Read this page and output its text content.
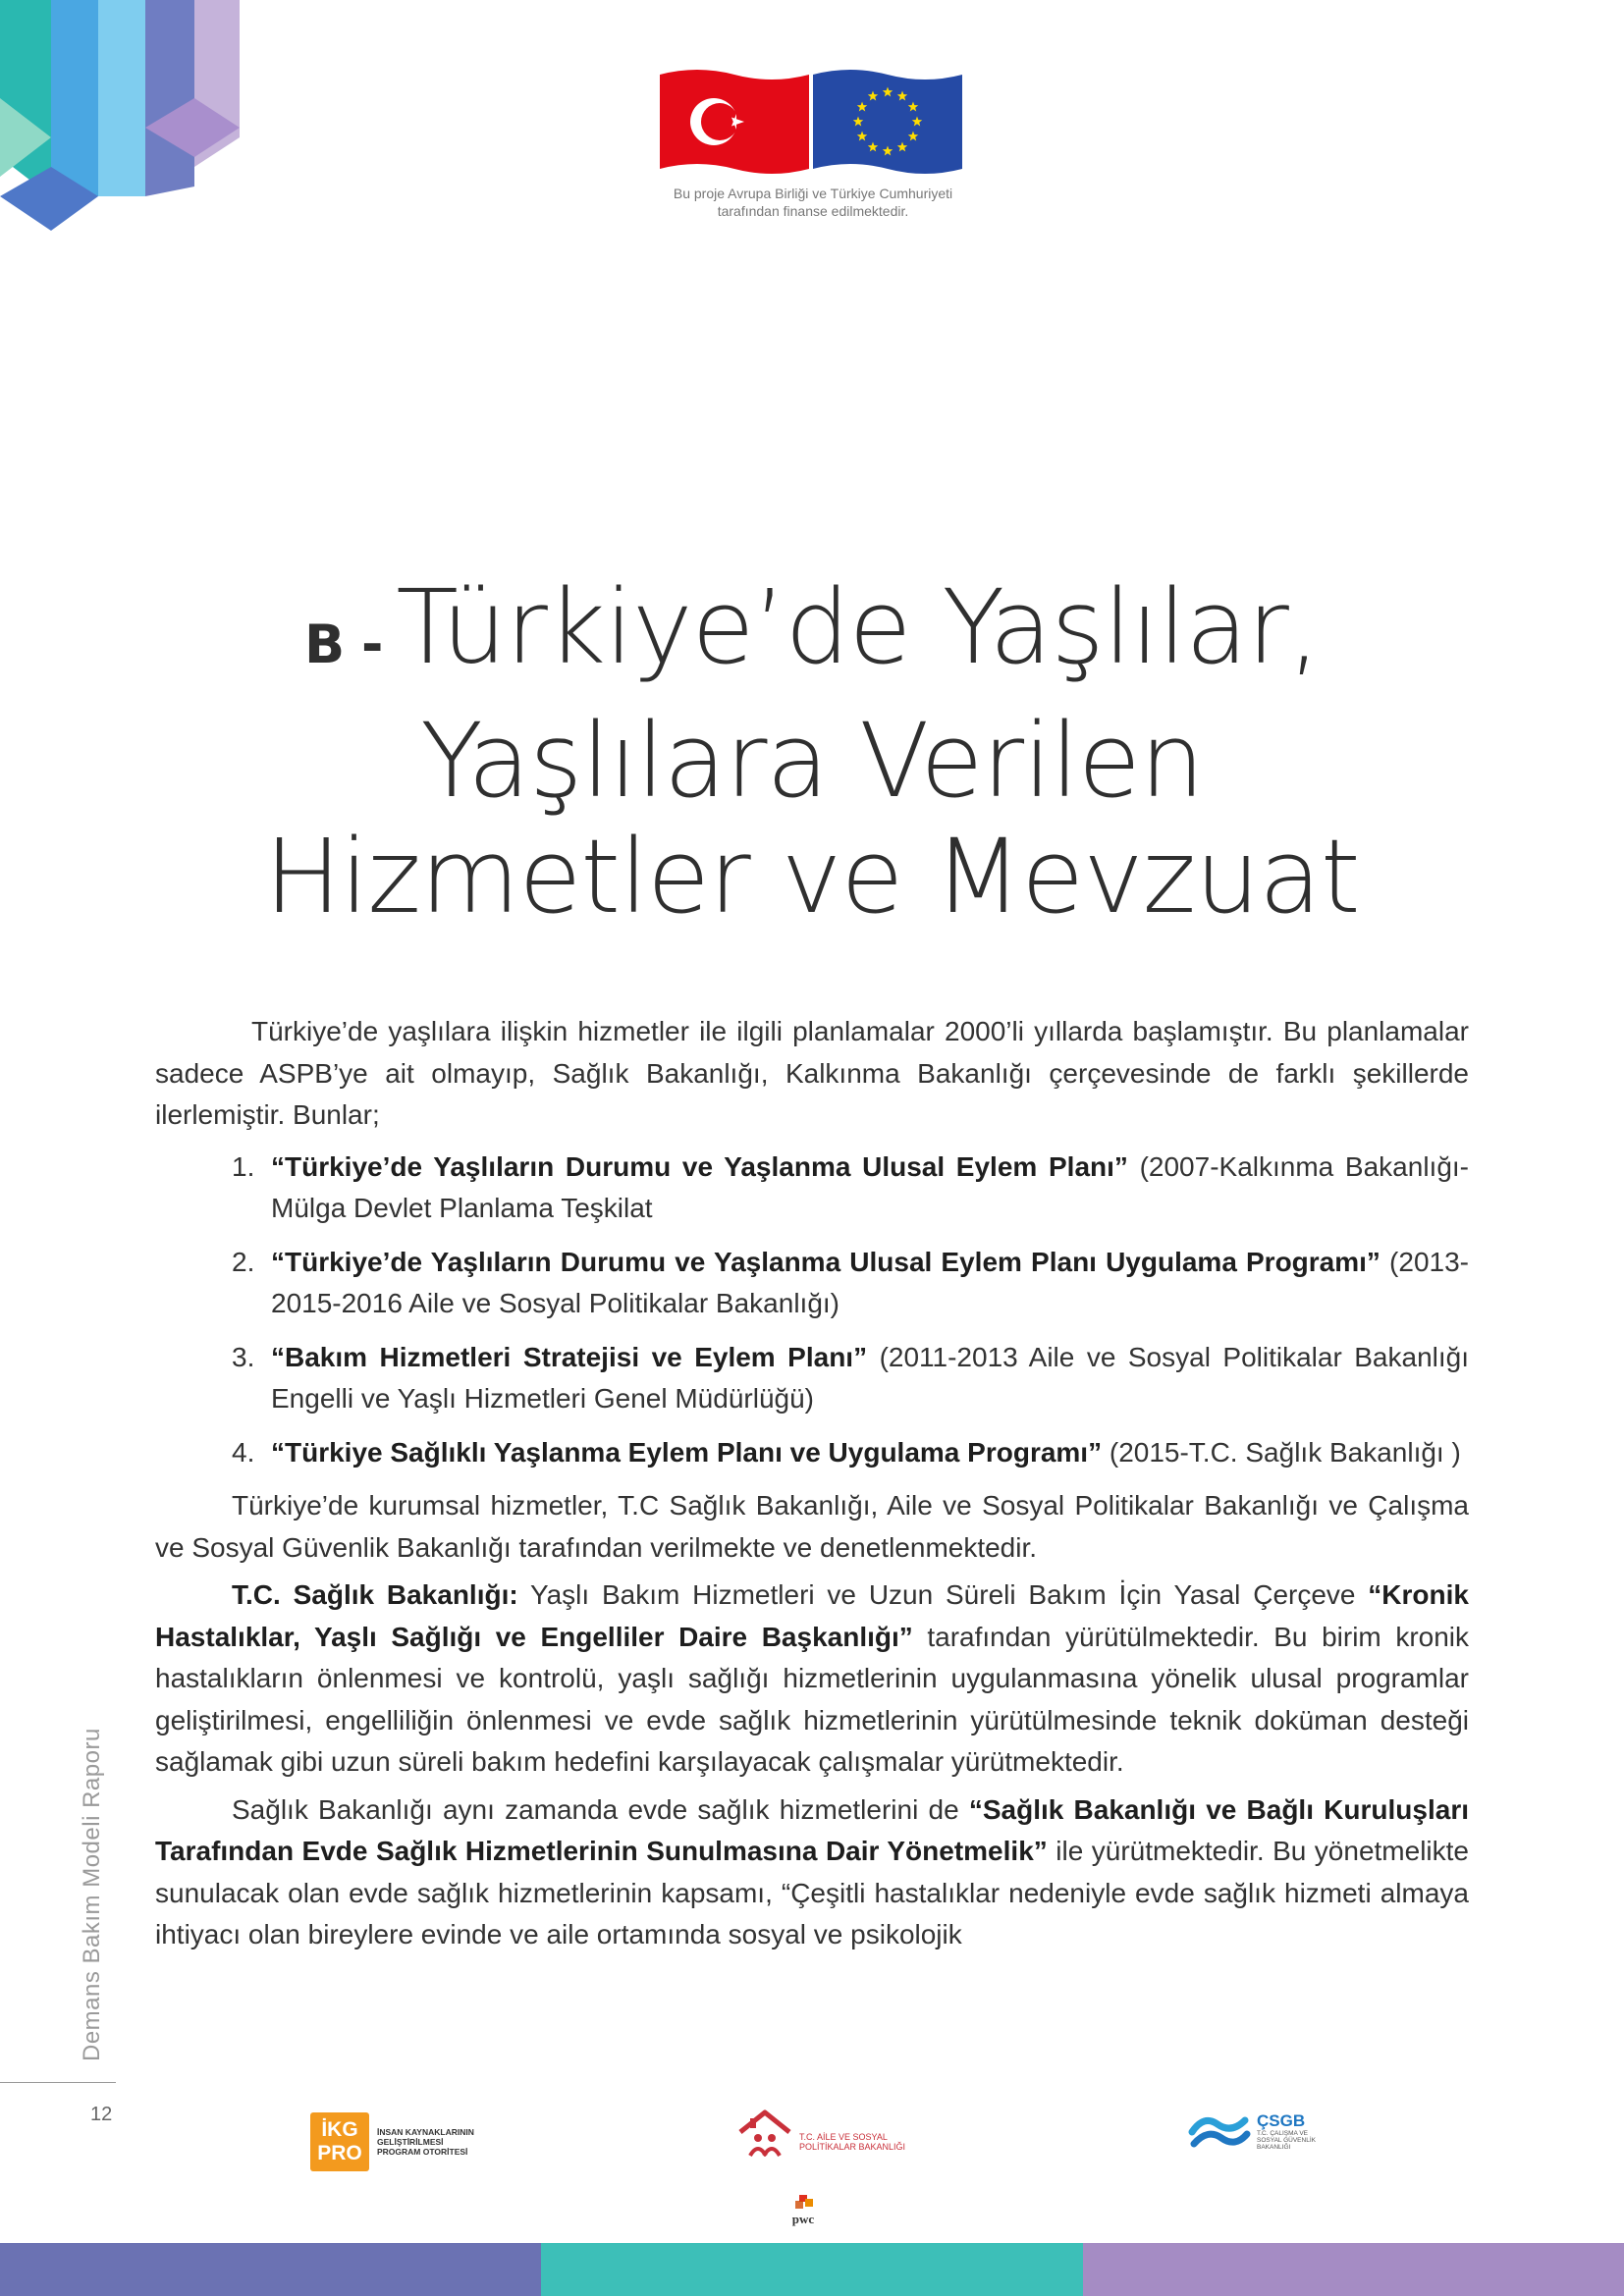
Bu proje Avrupa Birliği ve Türkiye Cumhuriyeti
tarafından finanse edilmektedir.
B - Türkiye’de Yaşlılar,
Yaşlılara Verilen
Hizmetler ve Mevzuat

Türkiye’de yaşlılara ilişkin hizmetler ile ilgili planlamalar 2000’li yıllarda başlamıştır. Bu planlamalar sadece ASPB’ye ait olmayıp, Sağlık Bakanlığı, Kalkınma Bakanlığı çerçevesinde de farklı şekillerde ilerlemiştir. Bunlar;

1. “Türkiye’de Yaşlıların Durumu ve Yaşlanma Ulusal Eylem Planı” (2007-Kalkınma Bakanlığı-Mülga Devlet Planlama Teşkilat
2. “Türkiye’de Yaşlıların Durumu ve Yaşlanma Ulusal Eylem Planı Uygulama Programı” (2013-2015-2016 Aile ve Sosyal Politikalar Bakanlığı)
3. “Bakım Hizmetleri Stratejisi ve Eylem Planı” (2011-2013 Aile ve Sosyal Politikalar Bakanlığı Engelli ve Yaşlı Hizmetleri Genel Müdürlüğü)
4. “Türkiye Sağlıklı Yaşlanma Eylem Planı ve Uygulama Programı” (2015-T.C. Sağlık Bakanlığı )

Türkiye’de kurumsal hizmetler, T.C Sağlık Bakanlığı, Aile ve Sosyal Politikalar Bakanlığı ve Çalışma ve Sosyal Güvenlik Bakanlığı tarafından verilmekte ve denetlenmektedir.

T.C. Sağlık Bakanlığı: Yaşlı Bakım Hizmetleri ve Uzun Süreli Bakım İçin Yasal Çerçeve “Kronik Hastalıklar, Yaşlı Sağlığı ve Engelliler Daire Başkanlığı” tarafından yürütülmektedir. Bu birim kronik hastalıkların önlenmesi ve kontrolü, yaşlı sağlığı hizmetlerinin uygulanmasına yönelik ulusal programlar geliştirilmesi, engelliliğin önlenmesi ve evde sağlık hizmetlerinin yürütülmesinde teknik doküman desteği sağlamak gibi uzun süreli bakım hedefini karşılayacak çalışmalar yürütmektedir.

Sağlık Bakanlığı aynı zamanda evde sağlık hizmetlerini de “Sağlık Bakanlığı ve Bağlı Kuruluşları Tarafından Evde Sağlık Hizmetlerinin Sunulmasına Dair Yönetmelik” ile yürütmektedir. Bu yönetmelikte sunulacak olan evde sağlık hizmetlerinin kapsamı, “Çeşitli hastalıklar nedeniyle evde sağlık hizmeti almaya ihtiyacı olan bireylere evinde ve aile ortamında sosyal ve psikolojik

Demans Bakım Modeli Raporu
12
İKG
PRO
İNSAN KAYNAKLARININ GELİŞTİRİLMESİ PROGRAM OTORİTESİ
T.C. AİLE VE SOSYAL POLİTİKALAR BAKANLIĞI
pwc
ÇSGB
T.C. ÇALIŞMA VE SOSYAL GÜVENLİK BAKANLIĞI
